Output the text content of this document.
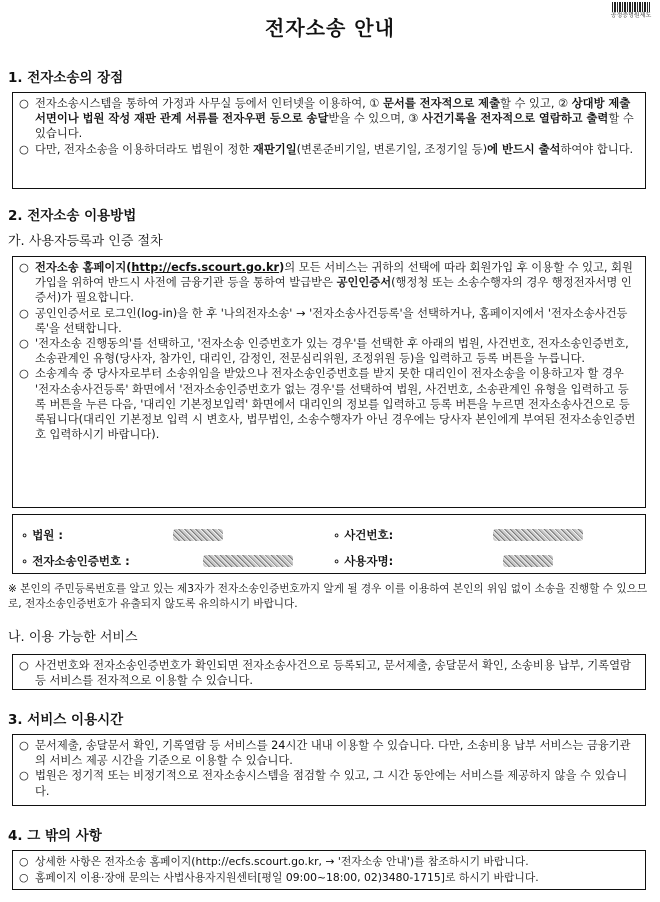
공정증명원제도
전자소송 안내
1. 전자소송의 장점
○ 전자소송시스템을 통하여 가정과 사무실 등에서 인터넷을 이용하여, ① 문서를 전자적으로 제출할 수 있고, ② 상대방 제출 서면이나 법원 작성 재판 관계 서류를 전자우편 등으로 송달받을 수 있으며, ③ 사건기록을 전자적으로 열람하고 출력할 수 있습니다.
○ 다만, 전자소송을 이용하더라도 법원이 정한 재판기일(변론준비기일, 변론기일, 조정기일 등)에 반드시 출석하여야 합니다.
2. 전자소송 이용방법
가. 사용자등록과 인증 절차
○ 전자소송 홈페이지(http://ecfs.scourt.go.kr)의 모든 서비스는 귀하의 선택에 따라 회원가입 후 이용할 수 있고, 회원가입을 위하여 반드시 사전에 금융기관 등을 통하여 발급받은 공인인증서(행정청 또는 소송수행자의 경우 행정전자서명 인증서)가 필요합니다.
○ 공인인증서로 로그인(log-in)을 한 후 '나의전자소송' → '전자소송사건등록'을 선택하거나, 홈페이지에서 '전자소송사건등록'을 선택합니다.
○ '전자소송 진행동의'를 선택하고, '전자소송 인증번호가 있는 경우'를 선택한 후 아래의 법원, 사건번호, 전자소송인증번호, 소송관계인 유형(당사자, 참가인, 대리인, 감정인, 전문심리위원, 조정위원 등)을 입력하고 등록 버튼을 누릅니다.
○ 소송계속 중 당사자로부터 소송위임을 받았으나 전자소송인증번호를 받지 못한 대리인이 전자소송을 이용하고자 할 경우 '전자소송사건등록' 화면에서 '전자소송인증번호가 없는 경우'를 선택하여 법원, 사건번호, 소송관계인 유형을 입력하고 등록 버튼을 누른 다음, '대리인 기본정보입력' 화면에서 대리인의 정보를 입력하고 등록 버튼을 누르면 전자소송사건으로 등록됩니다(대리인 기본정보 입력 시 변호사, 법무법인, 소송수행자가 아닌 경우에는 당사자 본인에게 부여된 전자소송인증번호 입력하시기 바랍니다).
∘ 법원 :	∘ 사건번호:
∘ 전자소송인증번호 :	∘ 사용자명:
※ 본인의 주민등록번호를 알고 있는 제3자가 전자소송인증번호까지 알게 될 경우 이를 이용하여 본인의 위임 없이 소송을 진행할 수 있으므로, 전자소송인증번호가 유출되지 않도록 유의하시기 바랍니다.
나. 이용 가능한 서비스
○ 사건번호와 전자소송인증번호가 확인되면 전자소송사건으로 등록되고, 문서제출, 송달문서 확인, 소송비용 납부, 기록열람 등 서비스를 전자적으로 이용할 수 있습니다.
3. 서비스 이용시간
○ 문서제출, 송달문서 확인, 기록열람 등 서비스를 24시간 내내 이용할 수 있습니다. 다만, 소송비용 납부 서비스는 금융기관의 서비스 제공 시간을 기준으로 이용할 수 있습니다.
○ 법원은 정기적 또는 비정기적으로 전자소송시스템을 점검할 수 있고, 그 시간 동안에는 서비스를 제공하지 않을 수 있습니다.
4. 그 밖의 사항
○ 상세한 사항은 전자소송 홈페이지(http://ecfs.scourt.go.kr, → '전자소송 안내')를 참조하시기 바랍니다.
○ 홈페이지 이용·장애 문의는 사법사용자지원센터[평일 09:00~18:00, 02)3480-1715]로 하시기 바랍니다.
